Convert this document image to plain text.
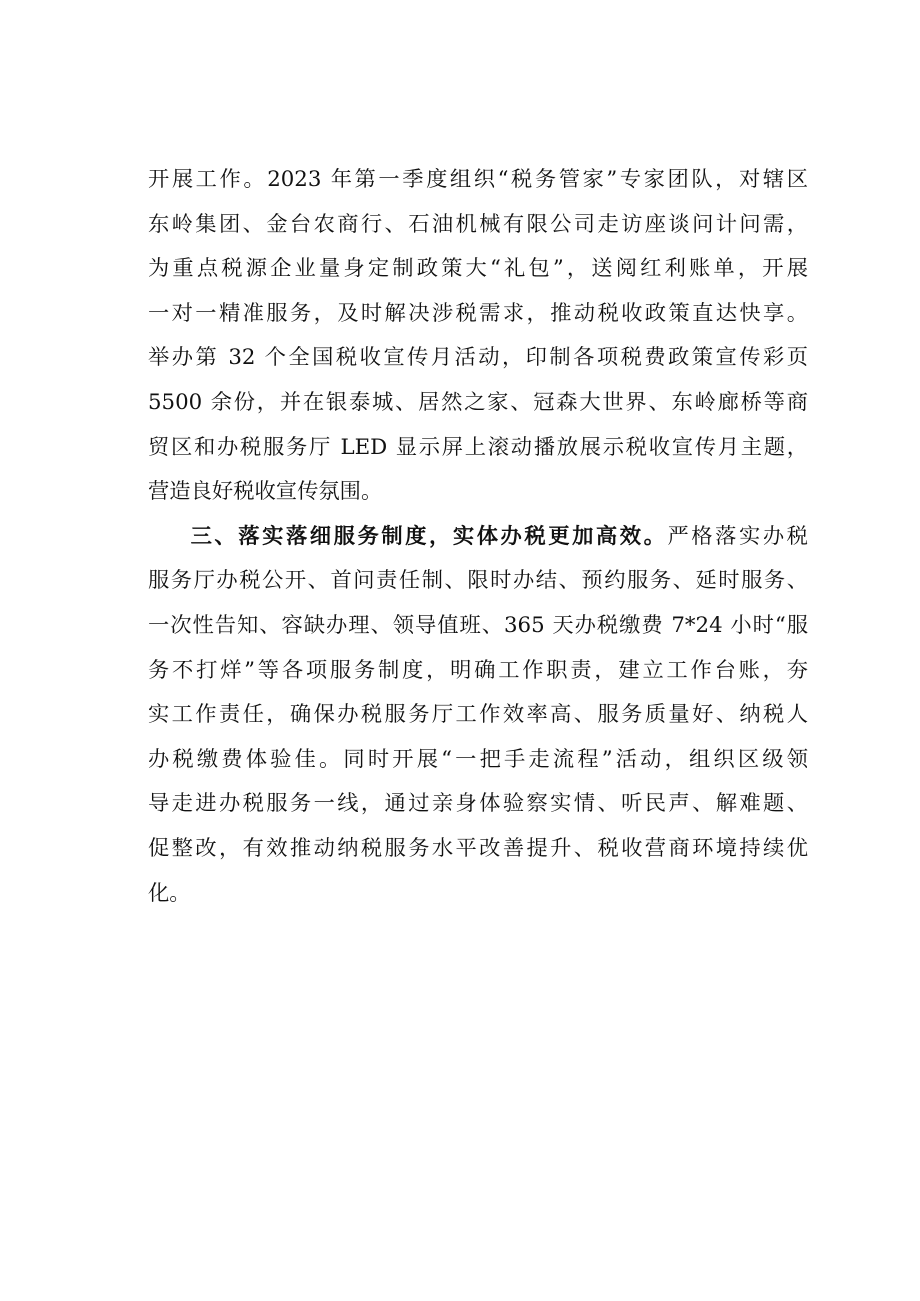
开展工作。2023 年第一季度组织“税务管家”专家团队，对辖区
东岭集团、金台农商行、石油机械有限公司走访座谈问计问需，
为重点税源企业量身定制政策大“礼包”，送阅红利账单，开展
一对一精准服务，及时解决涉税需求，推动税收政策直达快享。
举办第 32 个全国税收宣传月活动，印制各项税费政策宣传彩页
5500 余份，并在银泰城、居然之家、冠森大世界、东岭廊桥等商
贸区和办税服务厅 LED 显示屏上滚动播放展示税收宣传月主题，
营造良好税收宣传氛围。
三、落实落细服务制度，实体办税更加高效。严格落实办税
服务厅办税公开、首问责任制、限时办结、预约服务、延时服务、
一次性告知、容缺办理、领导值班、365 天办税缴费 7*24 小时“服
务不打烊”等各项服务制度，明确工作职责，建立工作台账，夯
实工作责任，确保办税服务厅工作效率高、服务质量好、纳税人
办税缴费体验佳。同时开展“一把手走流程”活动，组织区级领
导走进办税服务一线，通过亲身体验察实情、听民声、解难题、
促整改，有效推动纳税服务水平改善提升、税收营商环境持续优
化。
